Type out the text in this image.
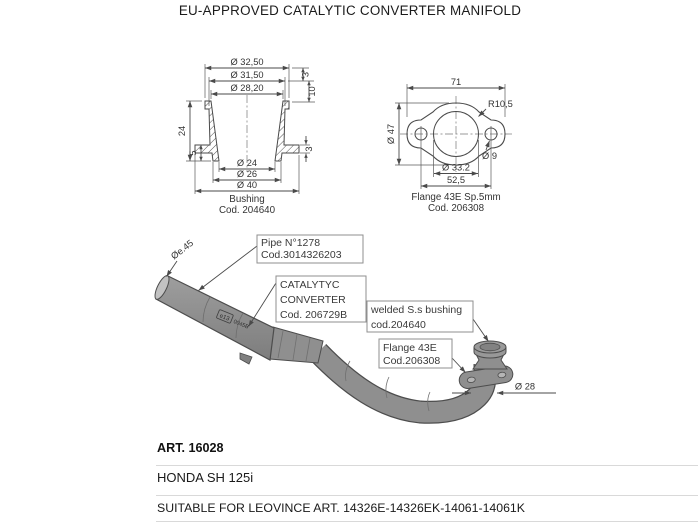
EU-APPROVED CATALYTIC CONVERTER MANIFOLD
Ø 32,50
Ø 31,50
Ø 28,20
3
10
24
5
3
Ø 24
Ø 26
Ø 40
Bushing
Cod. 204640
71
R10,5
Ø 47
Ø 9
Ø 33.2
52,5
Flange 43E Sp.5mm
Cod. 206308
e13
0045B
Øe.45	Pipe N°1278
Cod.3014326203
CATALYTYC
CONVERTER
Cod. 206729B welded S.s bushing
cod.204640
Flange 43E
Cod.206308
Ø 28
ART. 16028
HONDA SH 125i
SUITABLE FOR LEOVINCE ART. 14326E-14326EK-14061-14061K
